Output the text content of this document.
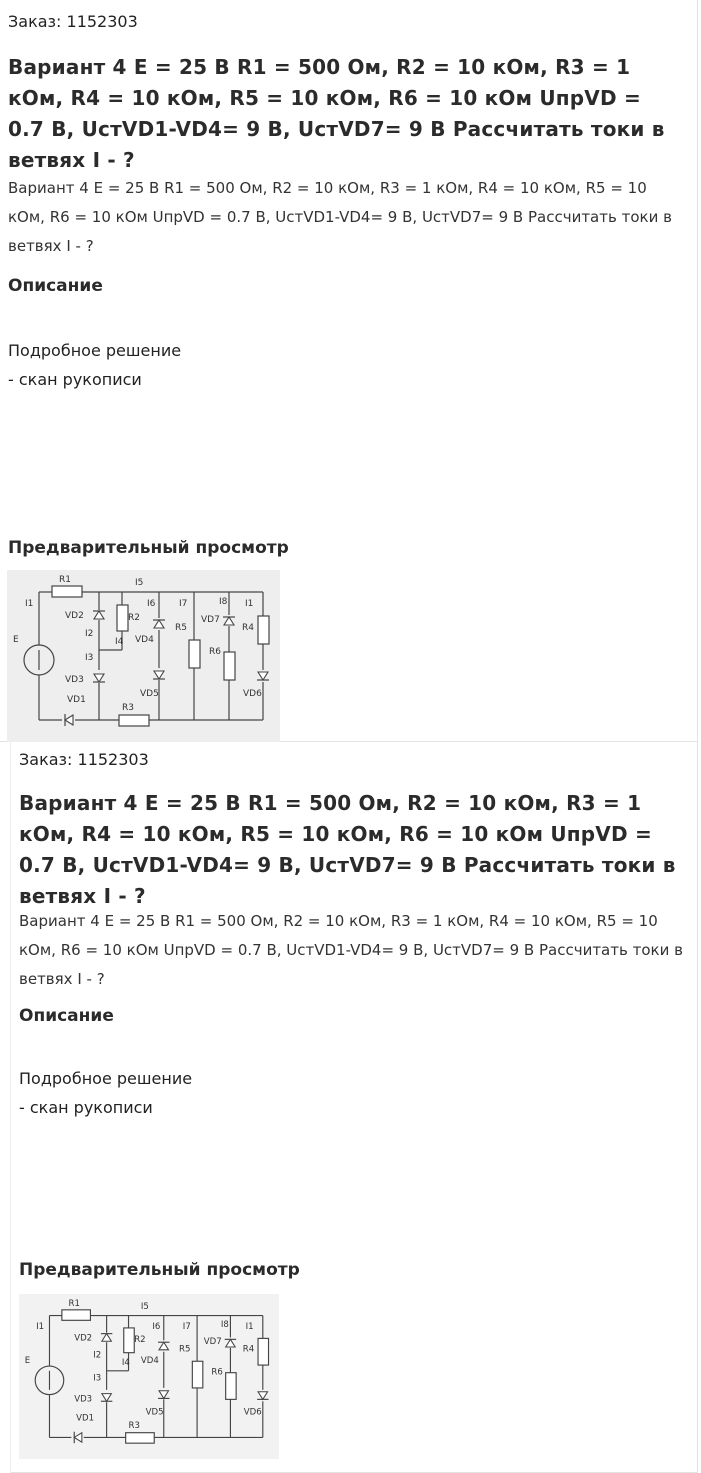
Заказ: 1152303
Вариант 4 E = 25 В R1 = 500 Ом, R2 = 10 кОм, R3 = 1 кОм, R4 = 10 кОм, R5 = 10 кОм, R6 = 10 кОм UпрVD = 0.7 В, UстVD1-VD4= 9 В, UстVD7= 9 В Рассчитать токи в ветвях I - ?

Вариант 4 E = 25 В R1 = 500 Ом, R2 = 10 кОм, R3 = 1 кОм, R4 = 10 кОм, R5 = 10 кОм, R6 = 10 кОм UпрVD = 0.7 В, UстVD1-VD4= 9 В, UстVD7= 9 В Рассчитать токи в ветвях I - ?

Описание
Подробное решение
- скан рукописи
Предварительный просмотр
R1
I1
E
VD2
I2
I3
VD3
VD1
R3
R2
I4
I5
I6
VD4
VD5
R5
I7
VD7
R6
I8
R4
I1
VD6
Заказ: 1152303
Вариант 4 E = 25 В R1 = 500 Ом, R2 = 10 кОм, R3 = 1 кОм, R4 = 10 кОм, R5 = 10 кОм, R6 = 10 кОм UпрVD = 0.7 В, UстVD1-VD4= 9 В, UстVD7= 9 В Рассчитать токи в ветвях I - ?

Вариант 4 E = 25 В R1 = 500 Ом, R2 = 10 кОм, R3 = 1 кОм, R4 = 10 кОм, R5 = 10 кОм, R6 = 10 кОм UпрVD = 0.7 В, UстVD1-VD4= 9 В, UстVD7= 9 В Рассчитать токи в ветвях I - ?

Описание
Подробное решение
- скан рукописи
Предварительный просмотр
R1
I1
E
VD2
I2
I3
VD3
VD1
R3
R2
I4
I5
I6
VD4
VD5
R5
I7
VD7
R6
I8
R4
I1
VD6
